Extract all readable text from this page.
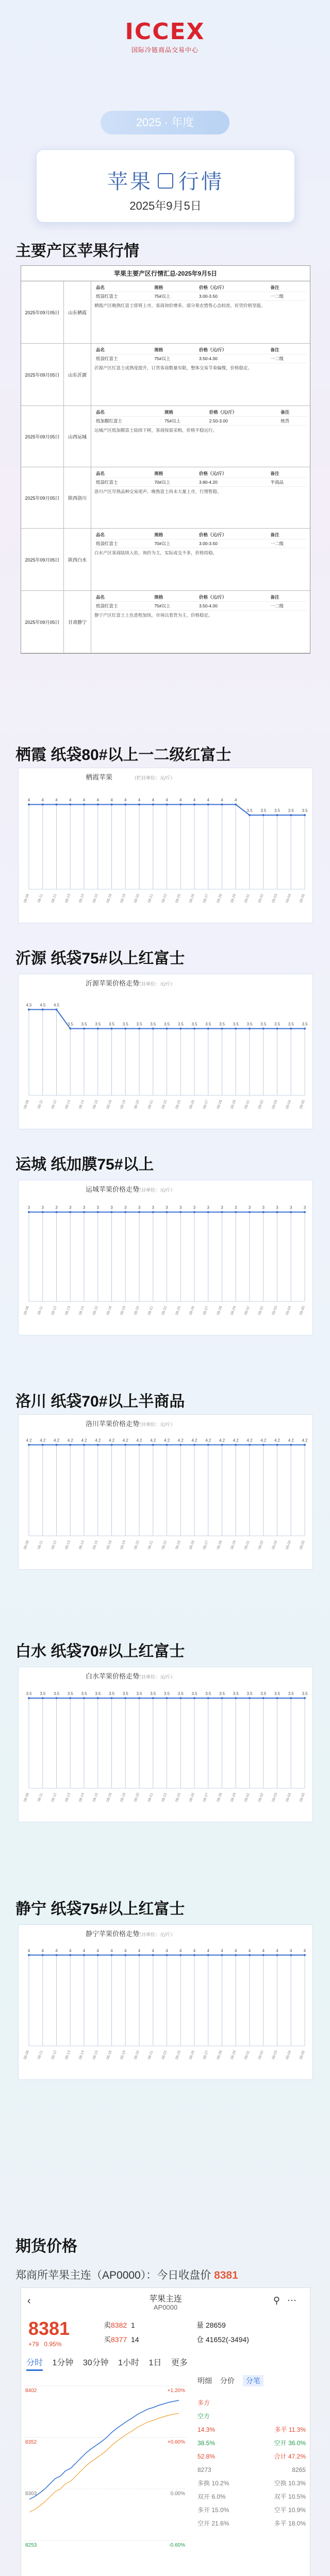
ICCEX
国际冷链商品交易中心
2025 · 年度
苹果 行情
2025年9月5日
主要产区苹果行情
苹果主要产区行情汇总-2025年9月5日
2025年09月05日	山东栖霞
品名	规格	价格（元/斤）	备注
纸袋红富士	75#以上	3.00-3.50	一二级
栖霞产区晚熟红富士即将上市，客商询价增多，部分果农惜售心态较浓，好货价格坚挺。
2025年09月05日	山东沂源
品名	规格	价格（元/斤）	备注
纸袋红富士	75#以上	3.50-4.00	一二级
沂源产区红富士成熟度提升，订货客商数量有限，整体交易节奏偏慢，价格稳定。
2025年09月05日	山西运城
品名	规格	价格（元/斤）	备注
纸加膜红富士	75#以上	2.50-3.00	统货
运城产区纸加膜富士陆续下树，客商按需采购，价格平稳运行。
2025年09月05日	陕西洛川
品名	规格	价格（元/斤）	备注
纸袋红富士	70#以上	3.80-4.20	半商品
洛川产区早熟品种交易尾声，晚熟富士尚未大量上市，行情暂稳。
2025年09月05日	陕西白水
品名	规格	价格（元/斤）	备注
纸袋红富士	70#以上	3.00-3.50	一二级
白水产区客商陆续入驻，询价为主，实际成交不多，价格持稳。
2025年09月05日	甘肃静宁
品名	规格	价格（元/斤）	备注
纸袋红富士	75#以上	3.50-4.00	一二级
静宁产区红富士上色进程加快，市场以看货为主，价格稳定。
栖霞 纸袋80#以上一二级红富士
栖霞苹果	（栏目单位：元/斤）
4
08-08
4
08-11
4
08-12
4
08-13
4
08-14
4
08-15
4
08-18
4
08-19
4
08-20
4
08-21
4
08-22
4
08-25
4
08-26
4
08-27
4
08-28
4
08-29
3.5
09-01
3.5
09-02
3.5
09-03
3.5
09-04
3.5
09-05
沂源 纸袋75#以上红富士
沂源苹果价格走势
（栏目单位：元/斤）
4.5
08-08
4.5
08-11
4.5
08-12
3.5
08-13
3.5
08-14
3.5
08-15
3.5
08-18
3.5
08-19
3.5
08-20
3.5
08-21
3.5
08-22
3.5
08-25
3.5
08-26
3.5
08-27
3.5
08-28
3.5
08-29
3.5
09-01
3.5
09-02
3.5
09-03
3.5
09-04
3.5
09-05
运城 纸加膜75#以上
运城苹果价格走势
（栏目单位：元/斤）
3
08-08
3
08-11
3
08-12
3
08-13
3
08-14
3
08-15
3
08-18
3
08-19
3
08-20
3
08-21
3
08-22
3
08-25
3
08-26
3
08-27
3
08-28
3
08-29
3
09-01
3
09-02
3
09-03
3
09-04
3
09-05
洛川 纸袋70#以上半商品
洛川苹果价格走势
（栏目单位：元/斤）
4.2
08-08
4.2
08-11
4.2
08-12
4.2
08-13
4.2
08-14
4.2
08-15
4.2
08-18
4.2
08-19
4.2
08-20
4.2
08-21
4.2
08-22
4.2
08-25
4.2
08-26
4.2
08-27
4.2
08-28
4.2
08-29
4.2
09-01
4.2
09-02
4.2
09-03
4.2
09-04
4.2
09-05
白水 纸袋70#以上红富士
白水苹果价格走势
（栏目单位：元/斤）
3.5
08-08
3.5
08-11
3.5
08-12
3.5
08-13
3.5
08-14
3.5
08-15
3.5
08-18
3.5
08-19
3.5
08-20
3.5
08-21
3.5
08-22
3.5
08-25
3.5
08-26
3.5
08-27
3.5
08-28
3.5
08-29
3.5
09-01
3.5
09-02
3.5
09-03
3.5
09-04
3.5
09-05
静宁 纸袋75#以上红富士
静宁苹果价格走势
（栏目单位：元/斤）
4
08-08
4
08-11
4
08-12
4
08-13
4
08-14
4
08-15
4
08-18
4
08-19
4
08-20
4
08-21
4
08-22
4
08-25
4
08-26
4
08-27
4
08-28
4
08-29
4
09-01
4
09-02
4
09-03
4
09-04
4
09-05
期货价格
郑商所苹果主连（AP0000）：今日收盘价 8381
‹	苹果主连
AP0000
⚲⋯
8381
+79 0.95%
卖8382 1
买8377 14
量 28659
仓 41652(-3494)
分时 1分钟 30分钟 1小时 1日 更多
8402	+1.20%
8352	+0.60%
8303	0.00%
8253	-0.60%
明细 分价 分笔
多方
空方
14.3%	多平 11.3%
38.5%	空开 36.0%
52.8%	合计 47.2%
8273	8265
多换 10.2%	空换 10.3%
双开 6.0%	双平 10.5%
多开 15.0%	空平 10.9%
空开 21.6%	多平 18.0%
